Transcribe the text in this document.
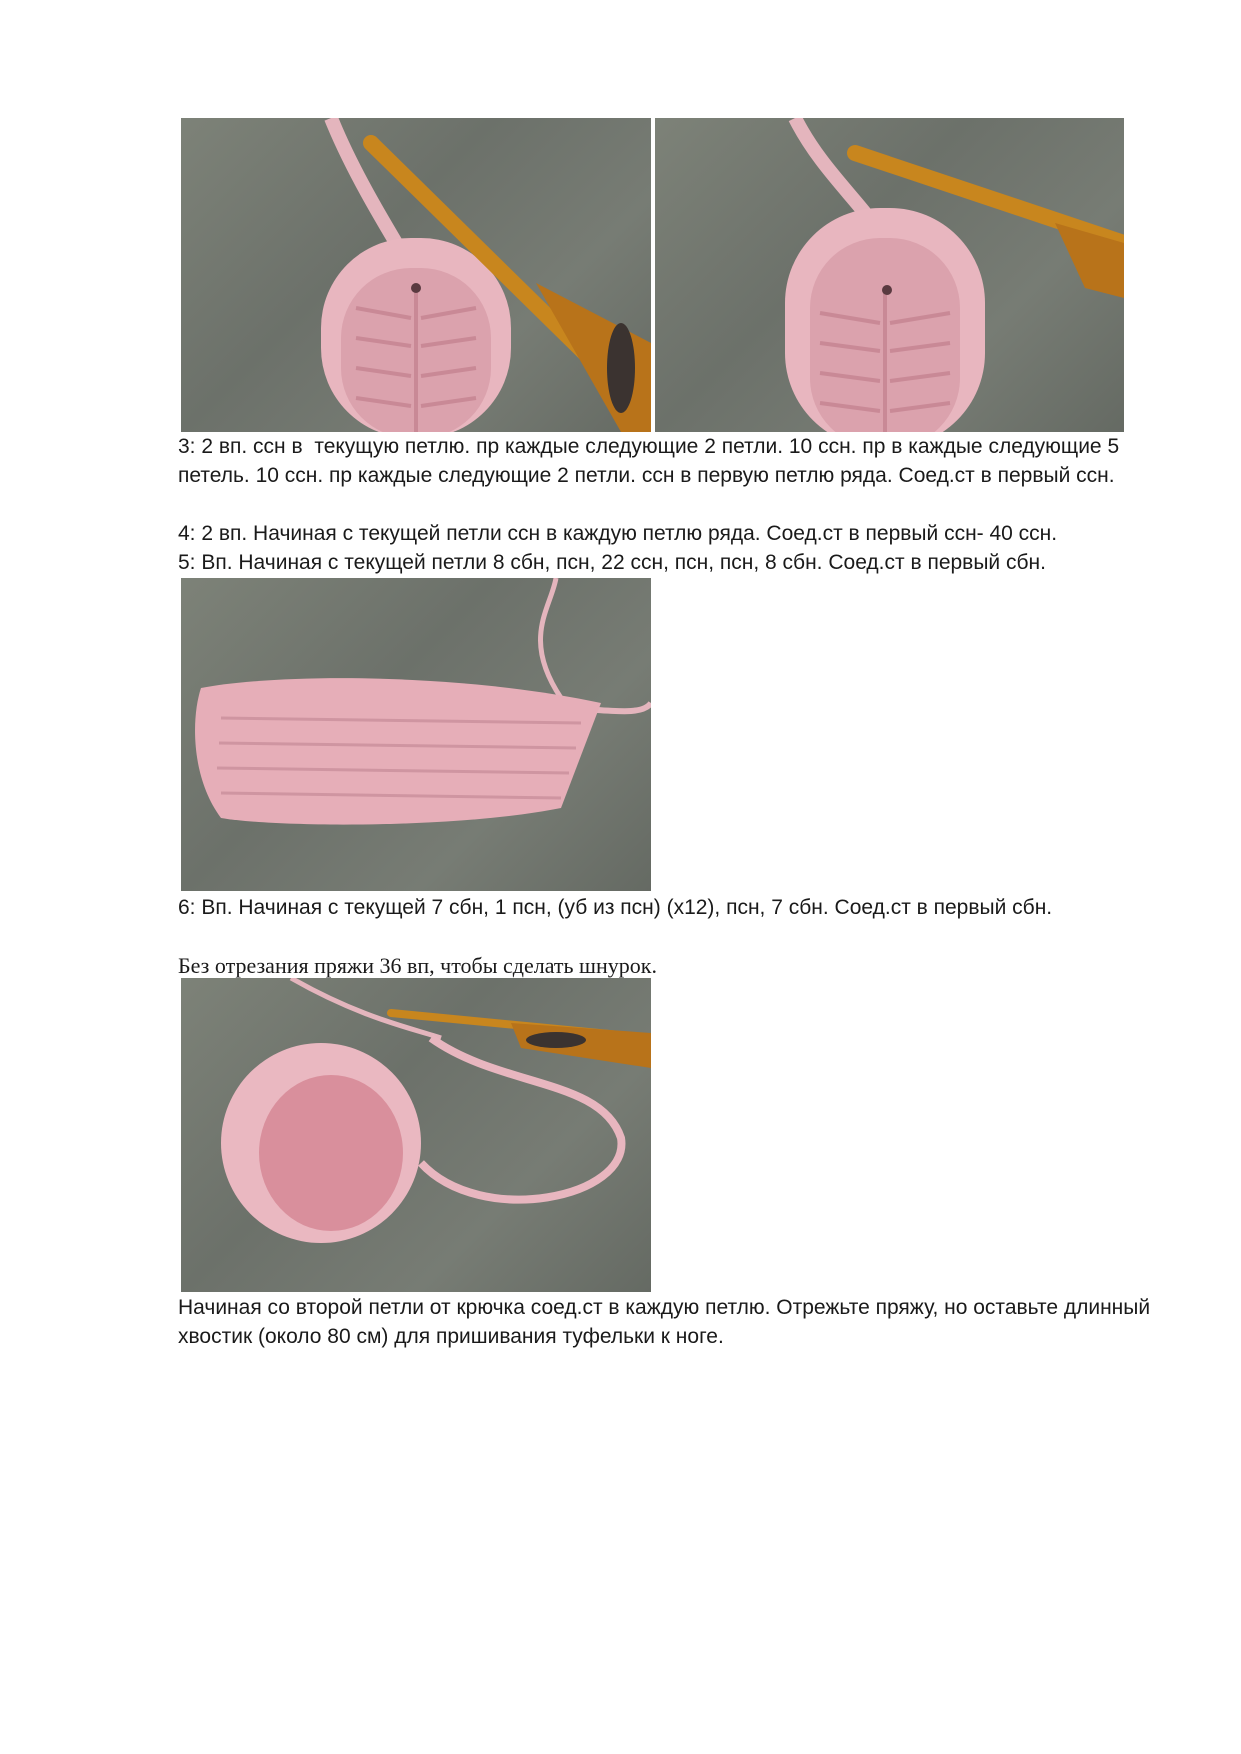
3: 2 вп. ссн в  текущую петлю. пр каждые следующие 2 петли. 10 ссн. пр в каждые следующие 5 петель. 10 ссн. пр каждые следующие 2 петли. ссн в первую петлю ряда. Соед.ст в первый ссн.
4: 2 вп. Начиная с текущей петли ссн в каждую петлю ряда. Соед.ст в первый ссн- 40 ссн.
5: Вп. Начиная с текущей петли 8 сбн, псн, 22 ссн, псн, псн, 8 сбн. Соед.ст в первый сбн.
6: Вп. Начиная с текущей 7 сбн, 1 псн, (уб из псн) (х12), псн, 7 сбн. Соед.ст в первый сбн.
Без отрезания пряжи 36 вп, чтобы сделать шнурок.
Начиная со второй петли от крючка соед.ст в каждую петлю. Отрежьте пряжу, но оставьте длинный хвостик (около 80 см) для пришивания туфельки к ноге.
